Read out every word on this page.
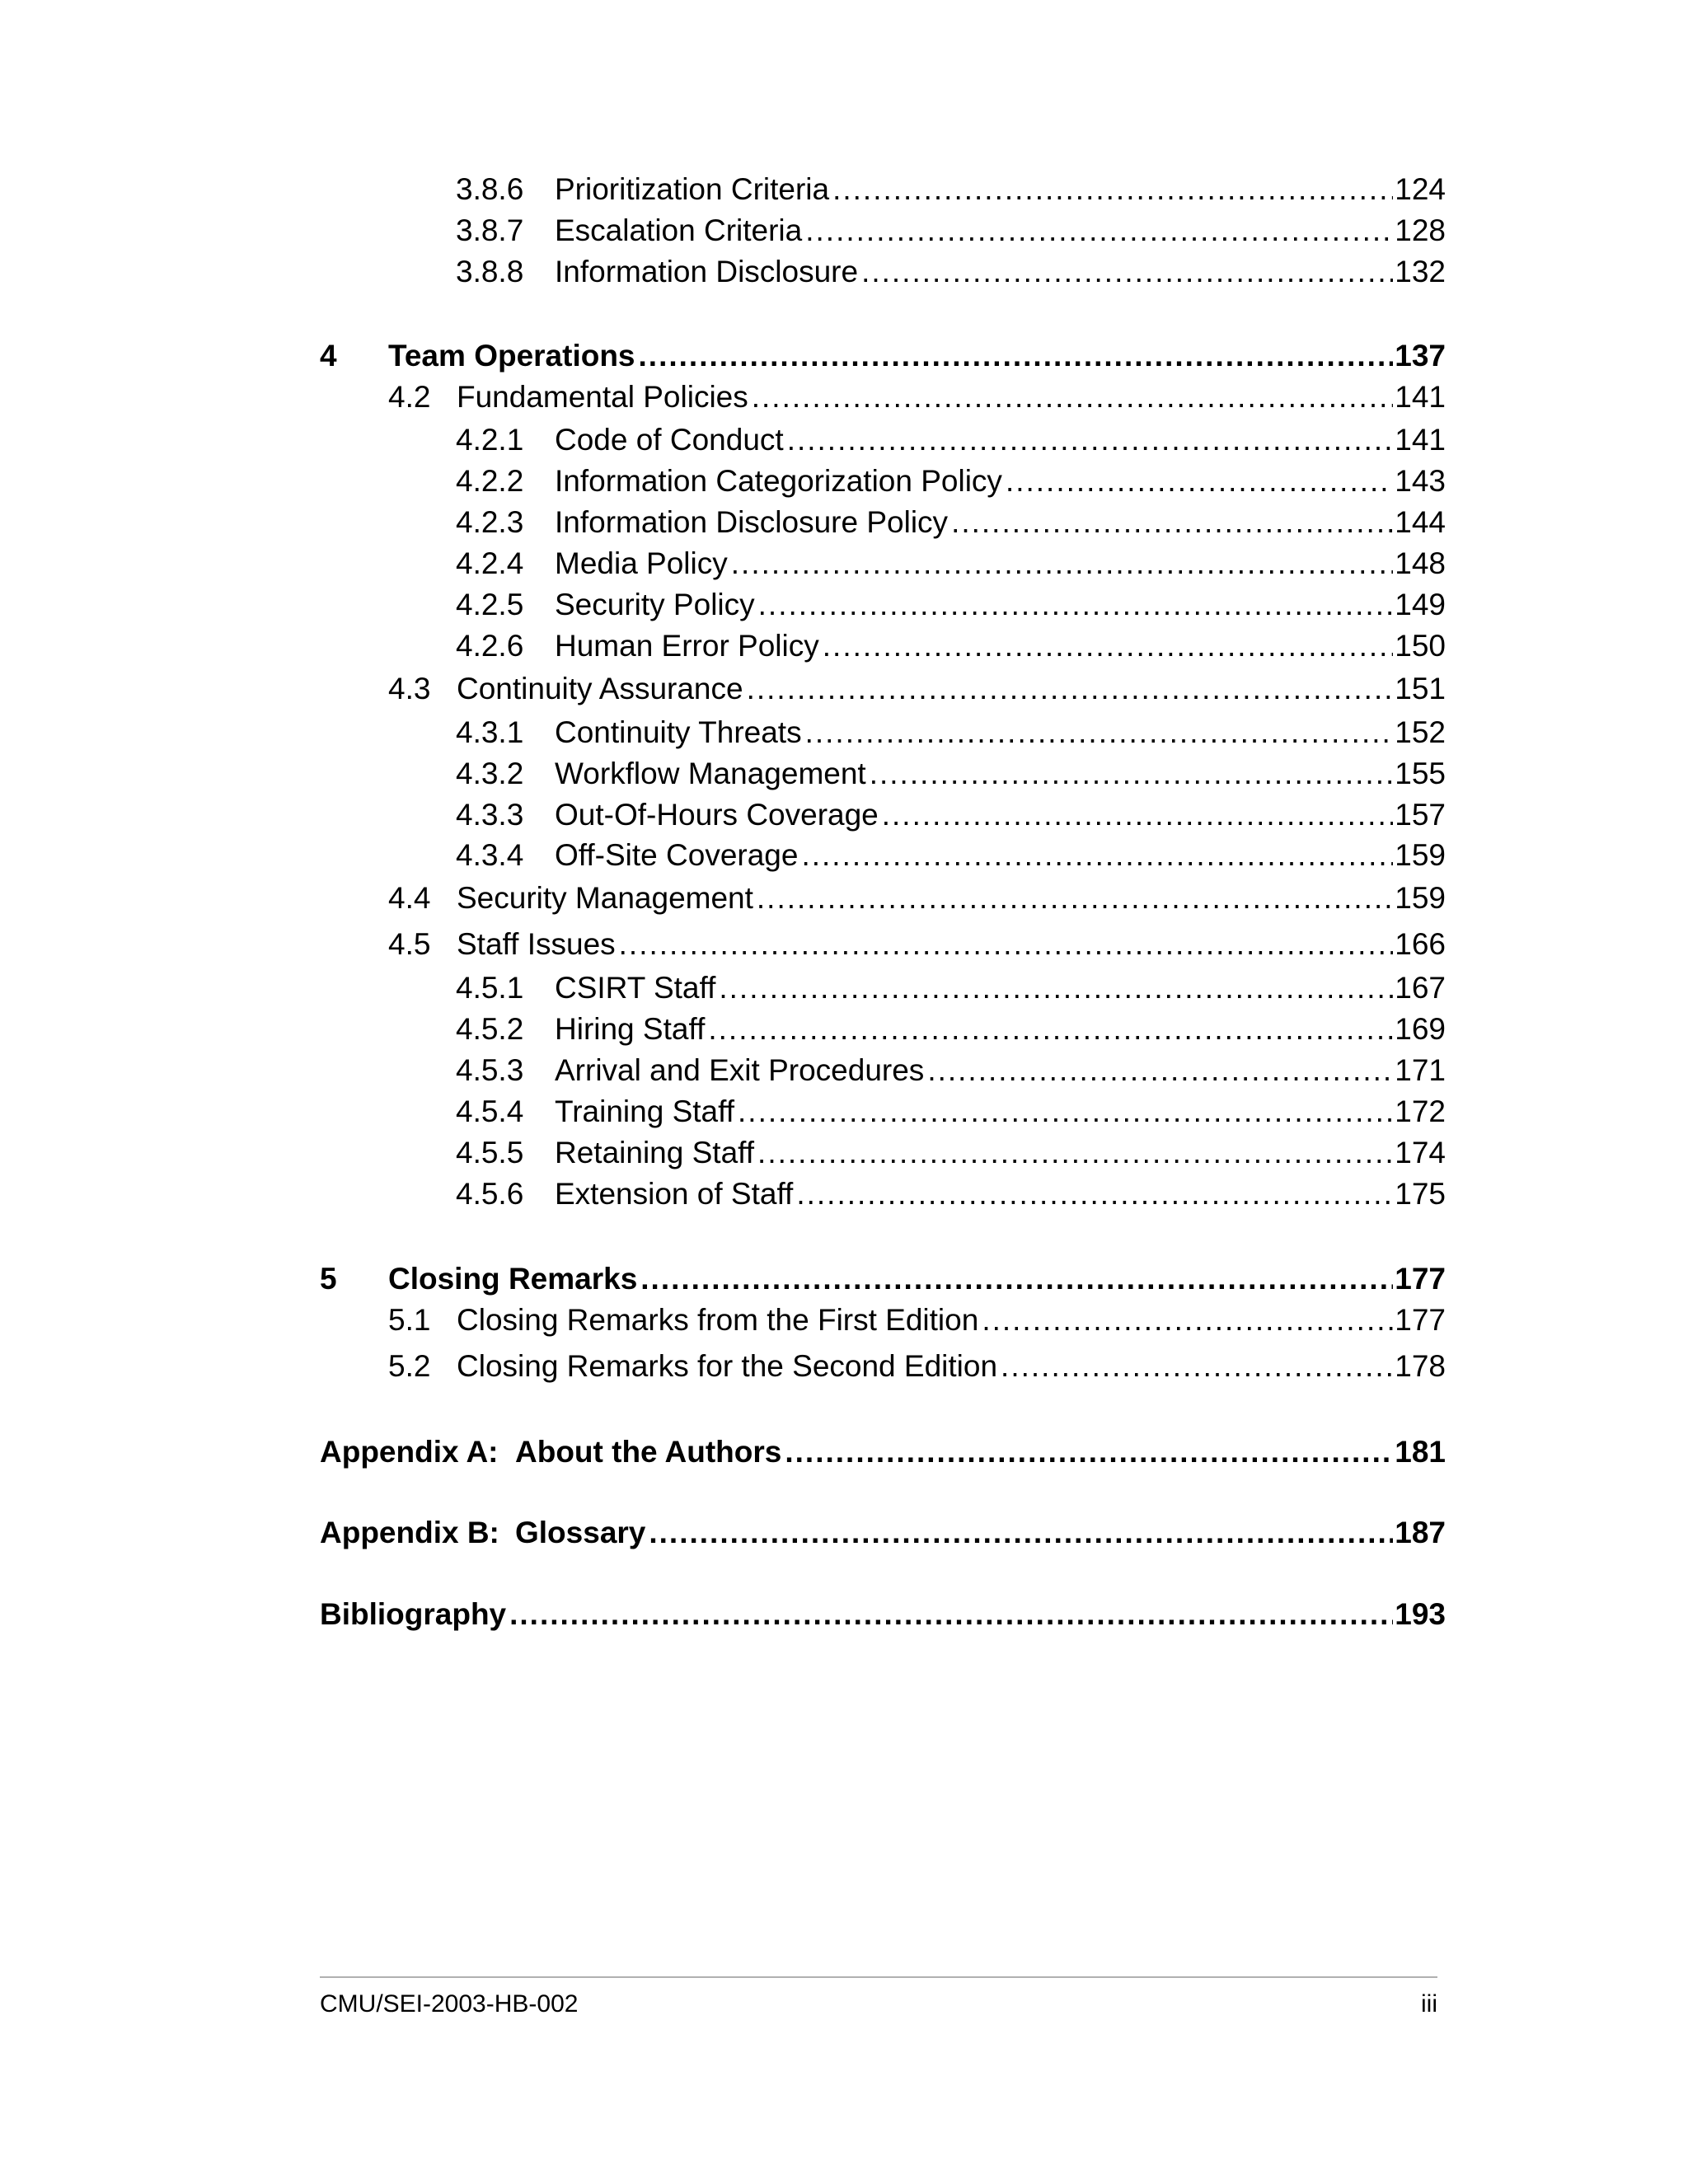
3.8.6 Prioritization Criteria .....	124
3.8.7 Escalation Criteria .....	128
3.8.8 Information Disclosure .....	132
4 Team Operations .....	137
4.2 Fundamental Policies .....	141
4.2.1 Code of Conduct .....	141
4.2.2 Information Categorization Policy .....	143
4.2.3 Information Disclosure Policy .....	144
4.2.4 Media Policy .....	148
4.2.5 Security Policy .....	149
4.2.6 Human Error Policy .....	150
4.3 Continuity Assurance .....	151
4.3.1 Continuity Threats .....	152
4.3.2 Workflow Management .....	155
4.3.3 Out-Of-Hours Coverage .....	157
4.3.4 Off-Site Coverage .....	159
4.4 Security Management .....	159
4.5 Staff Issues .....	166
4.5.1 CSIRT Staff .....	167
4.5.2 Hiring Staff .....	169
4.5.3 Arrival and Exit Procedures .....	171
4.5.4 Training Staff .....	172
4.5.5 Retaining Staff .....	174
4.5.6 Extension of Staff .....	175
5 Closing Remarks .....	177
5.1 Closing Remarks from the First Edition .....	177
5.2 Closing Remarks for the Second Edition .....	178
Appendix A: About the Authors .....	181
Appendix B: Glossary .....	187
Bibliography .....	193
CMU/SEI-2003-HB-002	iii
